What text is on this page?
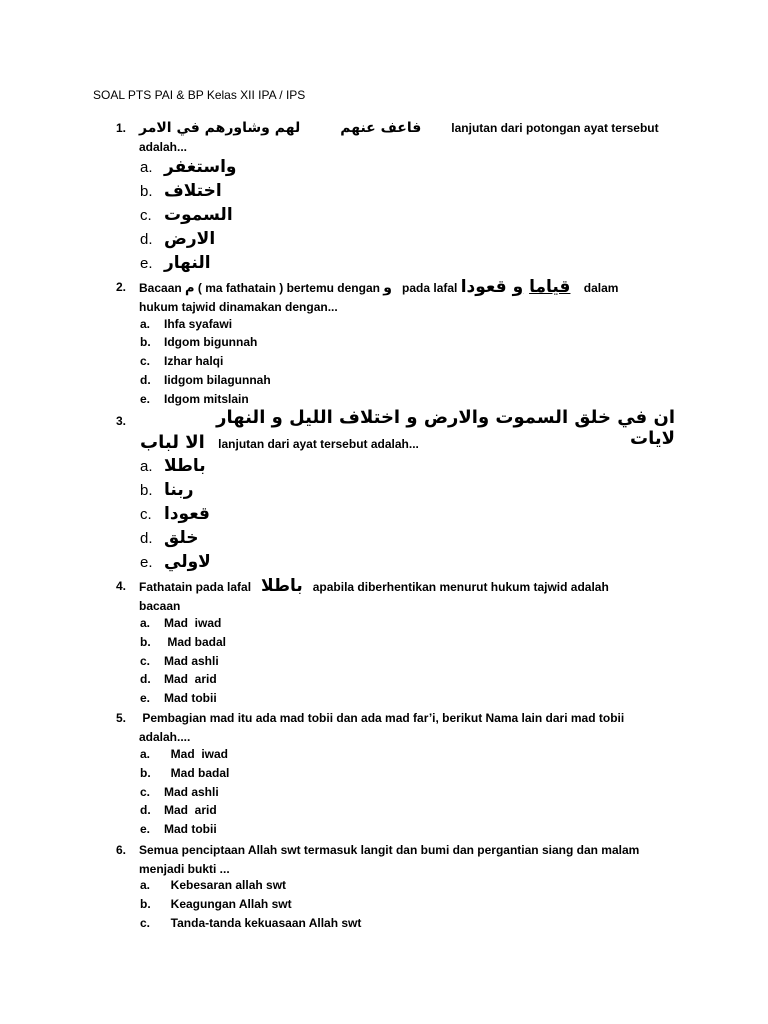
SOAL PTS PAI & BP Kelas XII IPA / IPS
1. لهم وشاورهم في الامر	فاعف عنهم	lanjutan dari potongan ayat tersebut
adalah...
a. واستغفر
b. اختلاف
c. السموت
d. الارض
e. النهار
2. Bacaan م ( ma fathatain ) bertemu dengan و pada lafal	قياما و قعودا	dalam
hukum tajwid dinamakan dengan...
a. Ihfa syafawi
b. Idgom bigunnah
c. Izhar halqi
d. Iidgom bilagunnah
e. Idgom mitslain
3.	ان في خلق السموت والارض و اختلاف الليل و النهار لايات
الا لباب lanjutan dari ayat tersebut adalah...
a. باطلا
b. ربنا
c. قعودا
d. خلق
e. لاولي
4. Fathatain pada lafal باطلا apabila diberhentikan menurut hukum tajwid adalah
bacaan
a. Mad  iwad
b. Mad badal
c. Mad ashli
d. Mad  arid
e. Mad tobii
5. Pembagian mad itu ada mad tobii dan ada mad far’i, berikut Nama lain dari mad tobii
adalah....
a.  Mad  iwad
b.  Mad badal
c. Mad ashli
d. Mad  arid
e. Mad tobii
6. Semua penciptaan Allah swt termasuk langit dan bumi dan pergantian siang dan malam
menjadi bukti ...
a.  Kebesaran allah swt
b.  Keagungan Allah swt
c.  Tanda-tanda kekuasaan Allah swt
